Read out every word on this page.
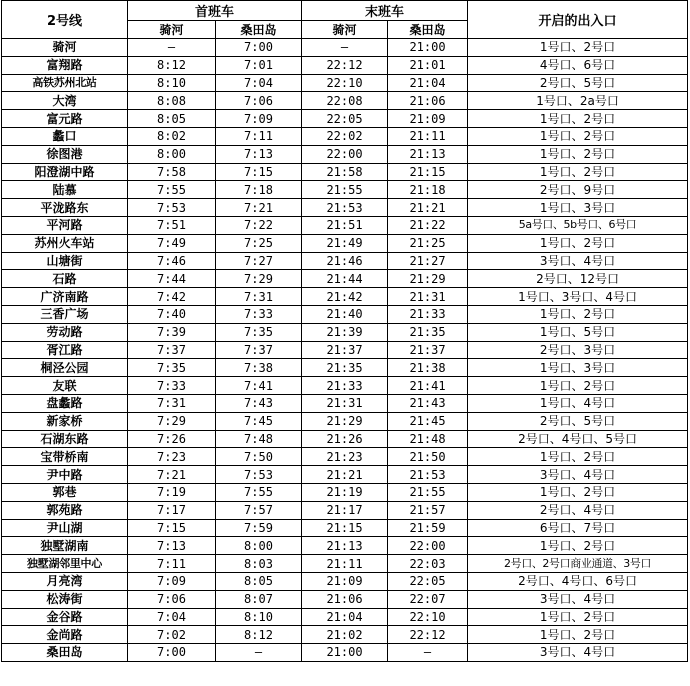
2号线	首班车		末班车		开启的出入口
	骑河	桑田岛	骑河	桑田岛	
骑河	–	7:00	–	21:00	1号口、2号口
富翔路	8:12	7:01	22:12	21:01	4号口、6号口
高铁苏州北站	8:10	7:04	22:10	21:04	2号口、5号口
大湾	8:08	7:06	22:08	21:06	1号口、2a号口
富元路	8:05	7:09	22:05	21:09	1号口、2号口
蠡口	8:02	7:11	22:02	21:11	1号口、2号口
徐图港	8:00	7:13	22:00	21:13	1号口、2号口
阳澄湖中路	7:58	7:15	21:58	21:15	1号口、2号口
陆慕	7:55	7:18	21:55	21:18	2号口、9号口
平泷路东	7:53	7:21	21:53	21:21	1号口、3号口
平河路	7:51	7:22	21:51	21:22	5a号口、5b号口、6号口
苏州火车站	7:49	7:25	21:49	21:25	1号口、2号口
山塘街	7:46	7:27	21:46	21:27	3号口、4号口
石路	7:44	7:29	21:44	21:29	2号口、12号口
广济南路	7:42	7:31	21:42	21:31	1号口、3号口、4号口
三香广场	7:40	7:33	21:40	21:33	1号口、2号口
劳动路	7:39	7:35	21:39	21:35	1号口、5号口
胥江路	7:37	7:37	21:37	21:37	2号口、3号口
桐泾公园	7:35	7:38	21:35	21:38	1号口、3号口
友联	7:33	7:41	21:33	21:41	1号口、2号口
盘蠡路	7:31	7:43	21:31	21:43	1号口、4号口
新家桥	7:29	7:45	21:29	21:45	2号口、5号口
石湖东路	7:26	7:48	21:26	21:48	2号口、4号口、5号口
宝带桥南	7:23	7:50	21:23	21:50	1号口、2号口
尹中路	7:21	7:53	21:21	21:53	3号口、4号口
郭巷	7:19	7:55	21:19	21:55	1号口、2号口
郭苑路	7:17	7:57	21:17	21:57	2号口、4号口
尹山湖	7:15	7:59	21:15	21:59	6号口、7号口
独墅湖南	7:13	8:00	21:13	22:00	1号口、2号口
独墅湖邻里中心	7:11	8:03	21:11	22:03	2号口、2号口商业通道、3号口
月亮湾	7:09	8:05	21:09	22:05	2号口、4号口、6号口
松涛街	7:06	8:07	21:06	22:07	3号口、4号口
金谷路	7:04	8:10	21:04	22:10	1号口、2号口
金尚路	7:02	8:12	21:02	22:12	1号口、2号口
桑田岛	7:00	–	21:00	–	3号口、4号口
